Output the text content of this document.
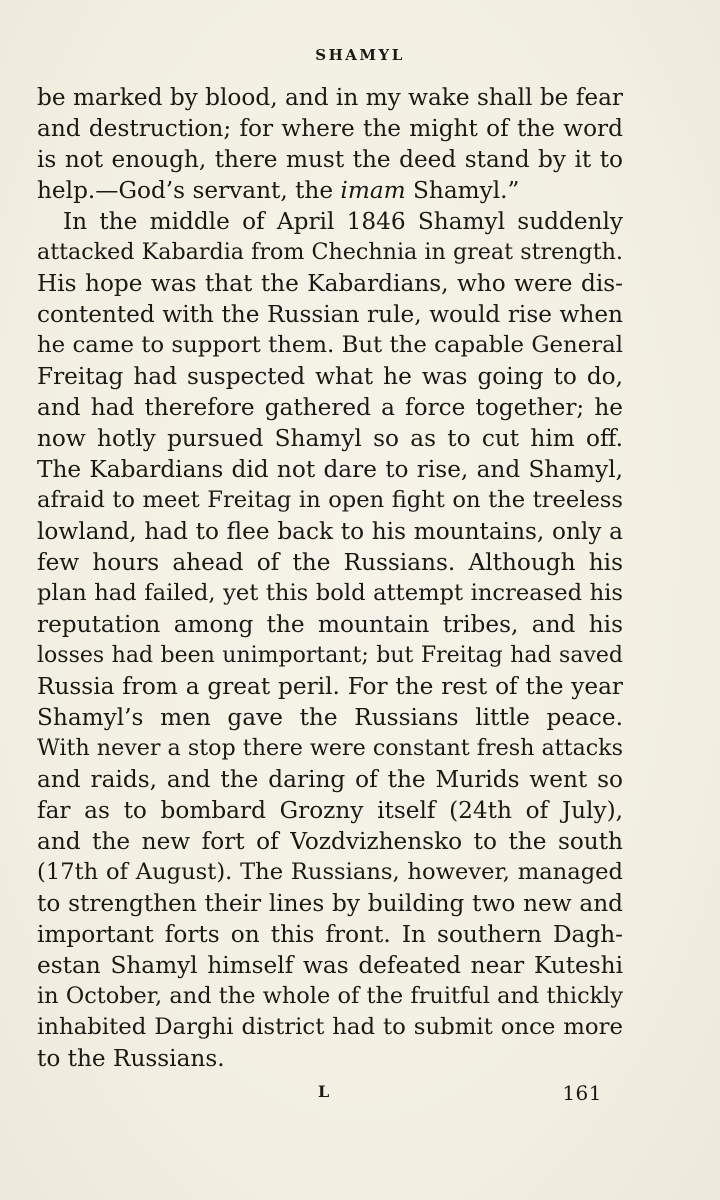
SHAMYL
be marked by blood, and in my wake shall be fear
and destruction; for where the might of the word
is not enough, there must the deed stand by it to
help.—God’s servant, the imam Shamyl.”
In the middle of April 1846 Shamyl suddenly
attacked Kabardia from Chechnia in great strength.
His hope was that the Kabardians, who were dis-
contented with the Russian rule, would rise when
he came to support them. But the capable General
Freitag had suspected what he was going to do,
and had therefore gathered a force together; he
now hotly pursued Shamyl so as to cut him off.
The Kabardians did not dare to rise, and Shamyl,
afraid to meet Freitag in open fight on the treeless
lowland, had to flee back to his mountains, only a
few hours ahead of the Russians. Although his
plan had failed, yet this bold attempt increased his
reputation among the mountain tribes, and his
losses had been unimportant; but Freitag had saved
Russia from a great peril. For the rest of the year
Shamyl’s men gave the Russians little peace.
With never a stop there were constant fresh attacks
and raids, and the daring of the Murids went so
far as to bombard Grozny itself (24th of July),
and the new fort of Vozdvizhensko to the south
(17th of August). The Russians, however, managed
to strengthen their lines by building two new and
important forts on this front. In southern Dagh-
estan Shamyl himself was defeated near Kuteshi
in October, and the whole of the fruitful and thickly
inhabited Darghi district had to submit once more
to the Russians.
L	161
